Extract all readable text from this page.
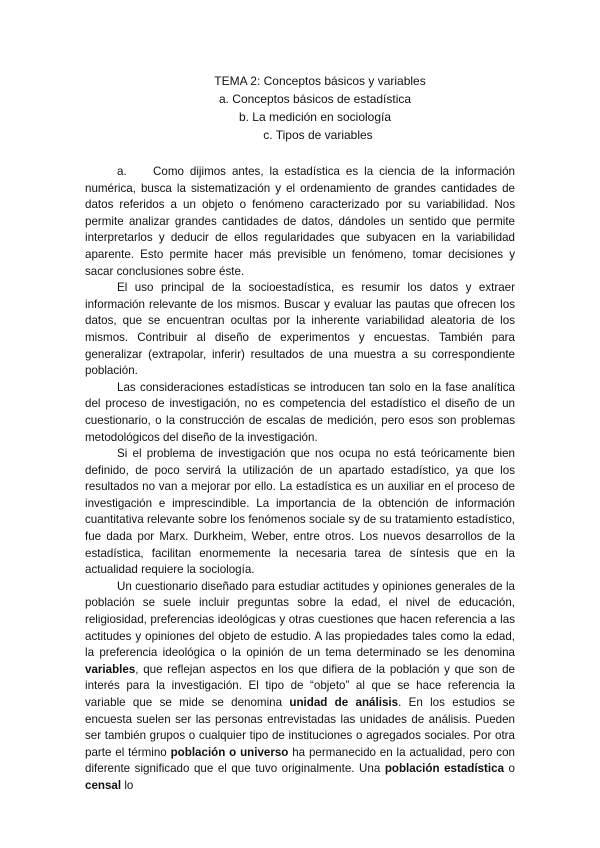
TEMA 2: Conceptos básicos y variables
a. Conceptos básicos de estadística
b. La medición en sociología
c. Tipos de variables

a. Como dijimos antes, la estadística es la ciencia de la información numérica, busca la sistematización y el ordenamiento de grandes cantidades de datos referidos a un objeto o fenómeno caracterizado por su variabilidad. Nos permite analizar grandes cantidades de datos, dándoles un sentido que permite interpretarlos y deducir de ellos regularidades que subyacen en la variabilidad aparente. Esto permite hacer más previsible un fenómeno, tomar decisiones y sacar conclusiones sobre éste.

El uso principal de la socioestadística, es resumir los datos y extraer información relevante de los mismos. Buscar y evaluar las pautas que ofrecen los datos, que se encuentran ocultas por la inherente variabilidad aleatoria de los mismos. Contribuir al diseño de experimentos y encuestas. También para generalizar (extrapolar, inferir) resultados de una muestra a su correspondiente población.

Las consideraciones estadísticas se introducen tan solo en la fase analítica del proceso de investigación, no es competencia del estadístico el diseño de un cuestionario, o la construcción de escalas de medición, pero esos son problemas metodológicos del diseño de la investigación.

Si el problema de investigación que nos ocupa no está teóricamente bien definido, de poco servirá la utilización de un apartado estadístico, ya que los resultados no van a mejorar por ello. La estadística es un auxiliar en el proceso de investigación e imprescindible. La importancia de la obtención de información cuantitativa relevante sobre los fenómenos sociale sy de su tratamiento estadístico, fue dada por Marx. Durkheim, Weber, entre otros. Los nuevos desarrollos de la estadística, facilitan enormemente la necesaria tarea de síntesis que en la actualidad requiere la sociología.

Un cuestionario diseñado para estudiar actitudes y opiniones generales de la población se suele incluir preguntas sobre la edad, el nivel de educación, religiosidad, preferencias ideológicas y otras cuestiones que hacen referencia a las actitudes y opiniones del objeto de estudio. A las propiedades tales como la edad, la preferencia ideológica o la opinión de un tema determinado se les denomina variables, que reflejan aspectos en los que difiera de la población y que son de interés para la investigación. El tipo de “objeto” al que se hace referencia la variable que se mide se denomina unidad de análisis. En los estudios se encuesta suelen ser las personas entrevistadas las unidades de análisis. Pueden ser también grupos o cualquier tipo de instituciones o agregados sociales. Por otra parte el término población o universo ha permanecido en la actualidad, pero con diferente significado que el que tuvo originalmente. Una población estadística o censal lo
